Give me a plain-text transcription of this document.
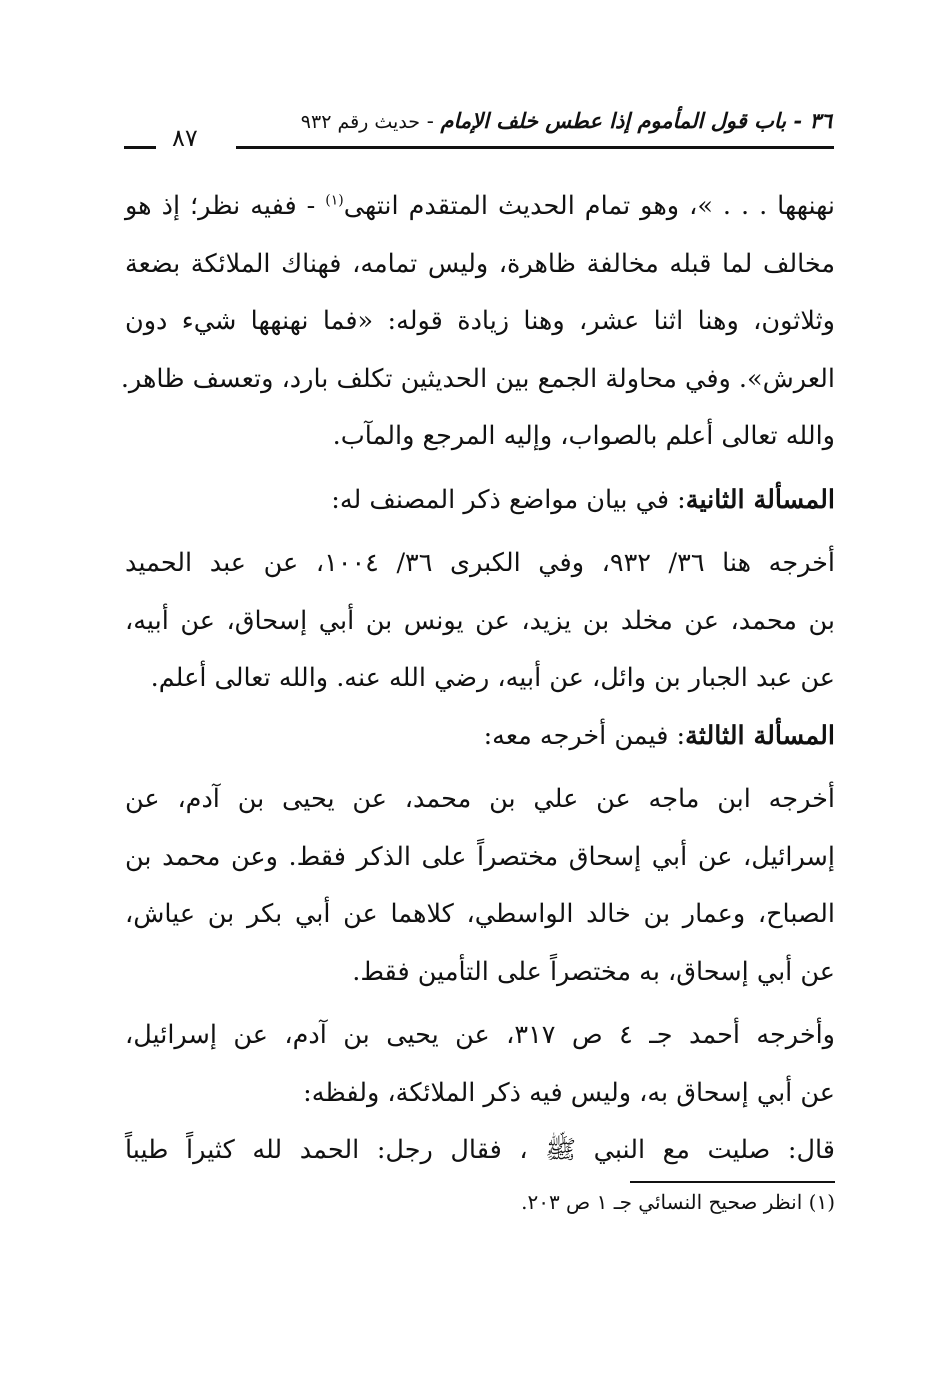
٣٦ - باب قول المأموم إذا عطس خلف الإمام - حديث رقم ٩٣٢
٨٧

نهنهها . . . »، وهو تمام الحديث المتقدم انتهى$^{(١)}$ - ففيه نظر؛ إذ هو
مخالف لما قبله مخالفة ظاهرة، وليس تمامه، فهناك الملائكة بضعة
وثلاثون، وهنا اثنا عشر، وهنا زيادة قوله: «فما نهنهها شيء دون
العرش». وفي محاولة الجمع بين الحديثين تكلف بارد، وتعسف ظاهر.
والله تعالى أعلم بالصواب، وإليه المرجع والمآب.

المسألة الثانية: في بيان مواضع ذكر المصنف له:

أخرجه هنا ٣٦/ ٩٣٢، وفي الكبرى ٣٦/ ١٠٠٤، عن عبد الحميد
بن محمد، عن مخلد بن يزيد، عن يونس بن أبي إسحاق، عن أبيه،
عن عبد الجبار بن وائل، عن أبيه، رضي الله عنه. والله تعالى أعلم.

المسألة الثالثة: فيمن أخرجه معه:

أخرجه ابن ماجه عن علي بن محمد، عن يحيى بن آدم، عن
إسرائيل، عن أبي إسحاق مختصراً على الذكر فقط. وعن محمد بن
الصباح، وعمار بن خالد الواسطي، كلاهما عن أبي بكر بن عياش،
عن أبي إسحاق، به مختصراً على التأمين فقط.

وأخرجه أحمد جـ ٤ ص ٣١٧، عن يحيى بن آدم، عن إسرائيل،
عن أبي إسحاق به، وليس فيه ذكر الملائكة، ولفظه:

قال: صليت مع النبي ﷺ ، فقال رجل: الحمد لله كثيراً طيباً

(١) انظر صحيح النسائي جـ ١ ص ٢٠٣.
